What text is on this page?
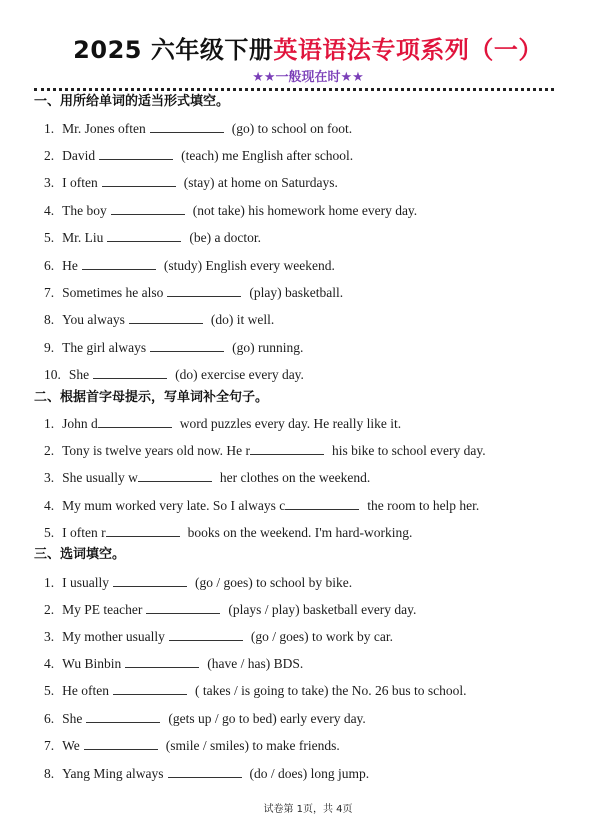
2025 六年级下册英语语法专项系列（一）
★★一般现在时★★
一、用所给单词的适当形式填空。
1. Mr. Jones often	(go) to school on foot.
2. David	(teach) me English after school.
3. I often	(stay) at home on Saturdays.
4. The boy	(not take) his homework home every day.
5. Mr. Liu	(be) a doctor.
6. He	(study) English every weekend.
7. Sometimes he also	(play) basketball.
8. You always	(do) it well.
9. The girl always	(go) running.
10. She	(do) exercise every day.
二、根据首字母提示，写单词补全句子。
1. John d	word puzzles every day. He really like it.
2. Tony is twelve years old now. He r	his bike to school every day.
3. She usually w	her clothes on the weekend.
4. My mum worked very late. So I always c	the room to help her.
5. I often r	books on the weekend. I'm hard-working.
三、选词填空。
1. I usually	(go / goes) to school by bike.
2. My PE teacher	(plays / play) basketball every day.
3. My mother usually	(go / goes) to work by car.
4. Wu Binbin	(have / has) BDS.
5. He often	( takes / is going to take) the No. 26 bus to school.
6. She	(gets up / go to bed) early every day.
7. We	(smile / smiles) to make friends.
8. Yang Ming always	(do / does) long jump.
试卷第 1页，共 4页
